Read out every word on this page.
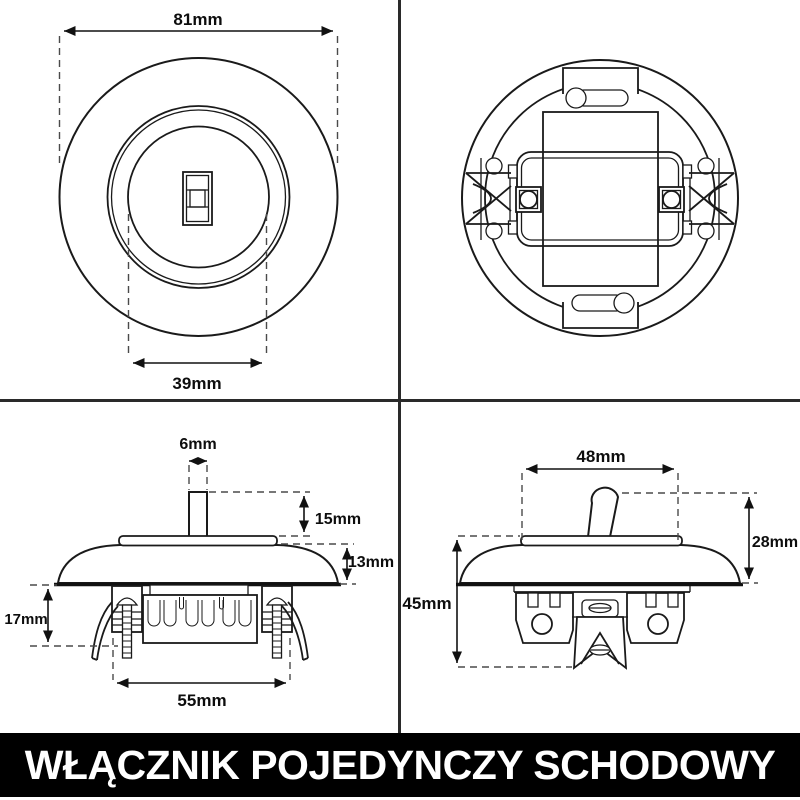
81mm
39mm
6mm
15mm
13mm
17mm
55mm
48mm
28mm
45mm
WŁĄCZNIK POJEDYNCZY SCHODOWY
